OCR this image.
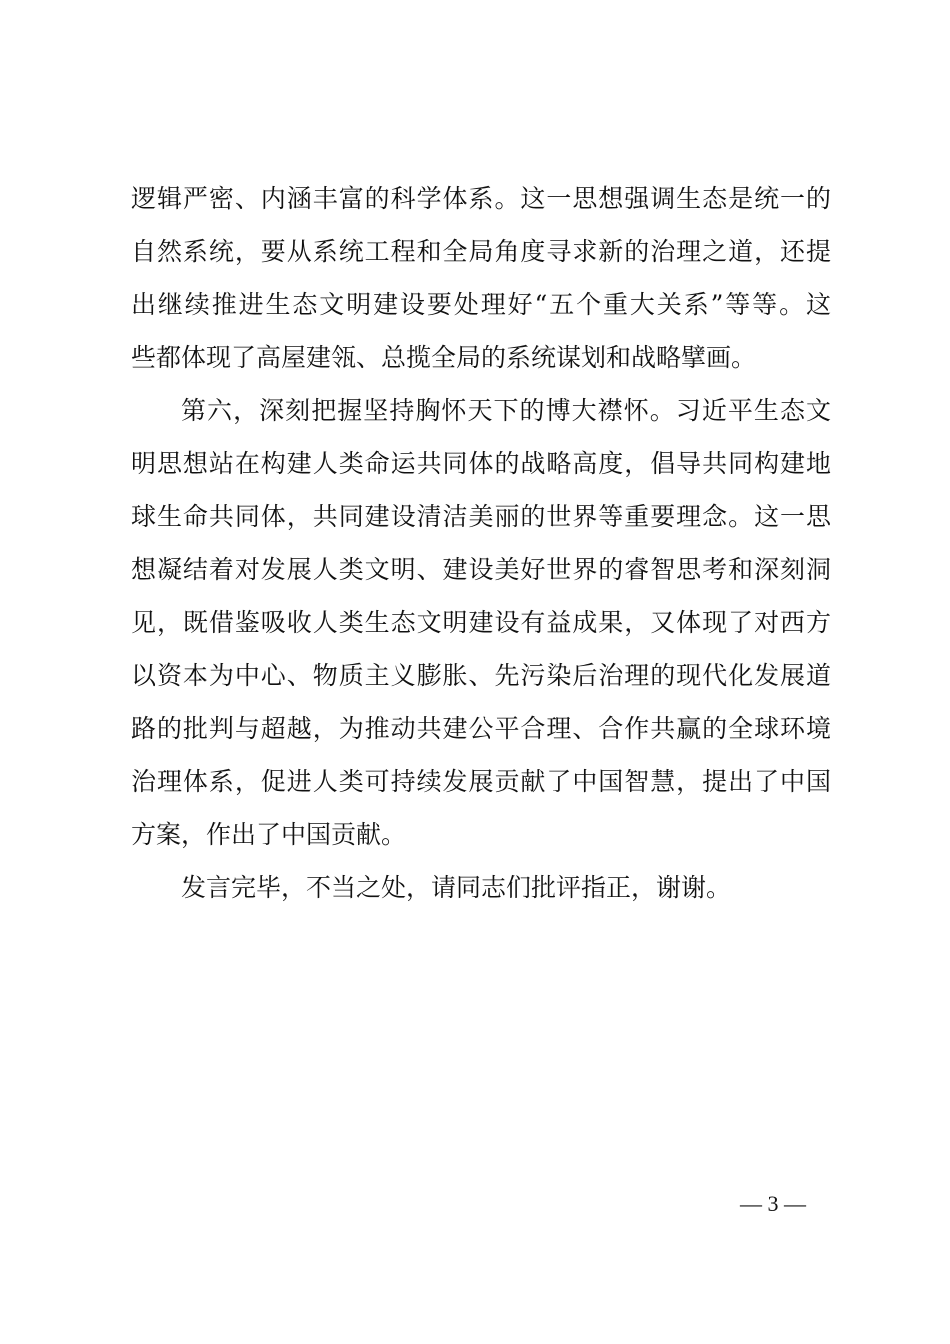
逻辑严密、内涵丰富的科学体系。这一思想强调生态是统一的
自然系统，要从系统工程和全局角度寻求新的治理之道，还提
出继续推进生态文明建设要处理好“五个重大关系”等等。这
些都体现了高屋建瓴、总揽全局的系统谋划和战略擘画。
第六，深刻把握坚持胸怀天下的博大襟怀。习近平生态文
明思想站在构建人类命运共同体的战略高度，倡导共同构建地
球生命共同体，共同建设清洁美丽的世界等重要理念。这一思
想凝结着对发展人类文明、建设美好世界的睿智思考和深刻洞
见，既借鉴吸收人类生态文明建设有益成果，又体现了对西方
以资本为中心、物质主义膨胀、先污染后治理的现代化发展道
路的批判与超越，为推动共建公平合理、合作共赢的全球环境
治理体系，促进人类可持续发展贡献了中国智慧，提出了中国
方案，作出了中国贡献。
发言完毕，不当之处，请同志们批评指正，谢谢。
— 3 —
